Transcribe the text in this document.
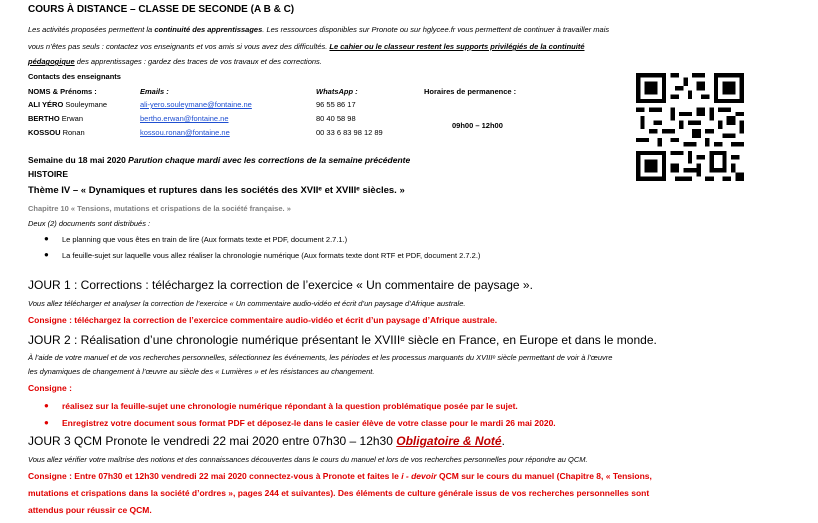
COURS À DISTANCE – CLASSE DE SECONDE (A B & C)
Les activités proposées permettent la continuité des apprentissages. Les ressources disponibles sur Pronote ou sur hglycee.fr vous permettent de continuer à travailler mais
vous n’êtes pas seuls : contactez vos enseignants et vos amis si vous avez des difficultés. Le cahier ou le classeur restent les supports privilégiés de la continuité
pédagogique des apprentissages : gardez des traces de vos travaux et des corrections.
Contacts des enseignants
NOMS & Prénoms :	Emails :	WhatsApp :	Horaires de permanence :
ALI YÉRO Souleymane	ali-yero.souleymane@fontaine.ne	96 55 86 17
BERTHO Erwan	bertho.erwan@fontaine.ne	80 40 58 98
KOSSOU Ronan	kossou.ronan@fontaine.ne	00 33 6 83 98 12 89
09h00 – 12h00
Semaine du 18 mai 2020 Parution chaque mardi avec les corrections de la semaine précédente
HISTOIRE
Thème IV – « Dynamiques et ruptures dans les sociétés des XVIIᵉ et XVIIIᵉ siècles. »
Chapitre 10 « Tensions, mutations et crispations de la société française. »
Deux (2) documents sont distribués :
● Le planning que vous êtes en train de lire (Aux formats texte et PDF, document 2.7.1.)
● La feuille-sujet sur laquelle vous allez réaliser la chronologie numérique (Aux formats texte dont RTF et PDF, document 2.7.2.)
JOUR 1 : Corrections : téléchargez la correction de l’exercice « Un commentaire de paysage ».
Vous allez télécharger et analyser la correction de l’exercice « Un commentaire audio-vidéo et écrit d’un paysage d’Afrique australe.
Consigne : téléchargez la correction de l’exercice commentaire audio-vidéo et écrit d’un paysage d’Afrique australe.
JOUR 2 : Réalisation d’une chronologie numérique présentant le XVIIIᵉ siècle en France, en Europe et dans le monde.
À l’aide de votre manuel et de vos recherches personnelles, sélectionnez les événements, les périodes et les processus marquants du XVIIIᵉ siècle permettant de voir à l’œuvre
les dynamiques de changement à l’œuvre au siècle des « Lumières » et les résistances au changement.
Consigne :
● réalisez sur la feuille-sujet une chronologie numérique répondant à la question problématique posée par le sujet.
● Enregistrez votre document sous format PDF et déposez-le dans le casier élève de votre classe pour le mardi 26 mai 2020.
JOUR 3 QCM Pronote le vendredi 22 mai 2020 entre 07h30 – 12h30 Obligatoire & Noté.
Vous allez vérifier votre maîtrise des notions et des connaissances découvertes dans le cours du manuel et lors de vos recherches personnelles pour répondre au QCM.
Consigne : Entre 07h30 et 12h30 vendredi 22 mai 2020 connectez-vous à Pronote et faites le i - devoir QCM sur le cours du manuel (Chapitre 8, « Tensions,
mutations et crispations dans la société d’ordres », pages 244 et suivantes). Des éléments de culture générale issus de vos recherches personnelles sont
attendus pour réussir ce QCM.
